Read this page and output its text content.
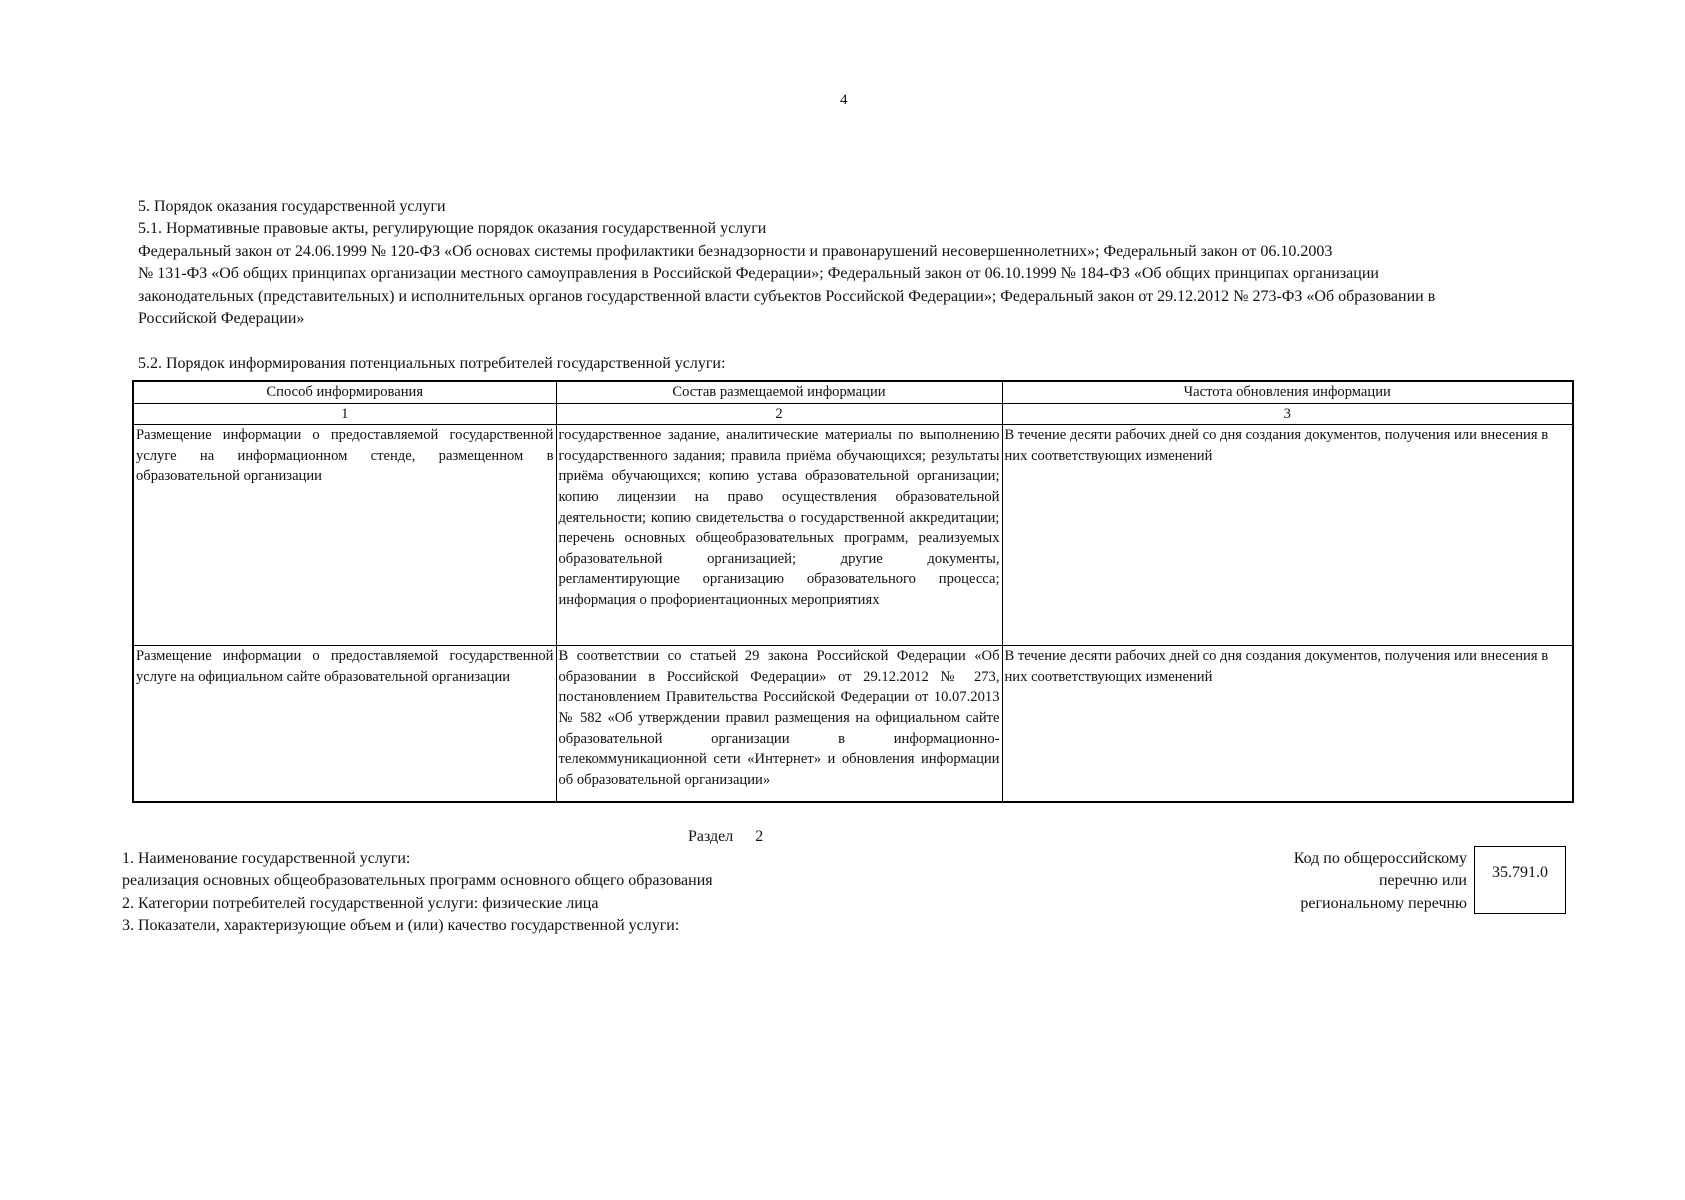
4

5. Порядок оказания государственной услуги

5.1. Нормативные правовые акты, регулирующие порядок оказания государственной услуги

Федеральный закон от 24.06.1999 № 120-ФЗ «Об основах системы профилактики безнадзорности и правонарушений несовершеннолетних»; Федеральный закон от 06.10.2003

№ 131-ФЗ «Об общих принципах организации местного самоуправления в Российской Федерации»; Федеральный закон от 06.10.1999 № 184-ФЗ «Об общих принципах организации

законодательных (представительных) и исполнительных органов государственной власти субъектов Российской Федерации»; Федеральный закон от 29.12.2012 № 273-ФЗ «Об образовании в

Российской Федерации»

5.2. Порядок информирования потенциальных потребителей государственной услуги:
Способ информирования	Состав размещаемой информации	Частота обновления информации
1	2	3
Размещение информации о предоставляемой государственной услуге на информационном стенде, размещенном в образовательной организации	государственное задание, аналитические материалы по выполнению государственного задания; правила приёма обучающихся; результаты приёма обучающихся; копию устава образовательной организации; копию лицензии на право осуществления образовательной деятельности; копию свидетельства о государственной аккредитации; перечень основных общеобразовательных программ, реализуемых образовательной организацией; другие документы, регламентирующие организацию образовательного процесса; информация о профориентационных мероприятиях	В течение десяти рабочих дней со дня создания документов, получения или внесения в них соответствующих изменений
Размещение информации о предоставляемой государственной услуге на официальном сайте образовательной организации	В соответствии со статьей 29 закона Российской Федерации «Об образовании в Российской Федерации» от 29.12.2012 № 273, постановлением Правительства Российской Федерации от 10.07.2013 № 582 «Об утверждении правил размещения на официальном сайте образовательной организации в информационно-телекоммуникационной сети «Интернет» и обновления информации об образовательной организации»	В течение десяти рабочих дней со дня создания документов, получения или внесения в них соответствующих изменений
Раздел 2

1. Наименование государственной услуги:

реализация основных общеобразовательных программ основного общего образования

2. Категории потребителей государственной услуги: физические лица

3. Показатели, характеризующие объем и (или) качество государственной услуги:

Код по общероссийскому

перечню или

региональному перечню

35.791.0
